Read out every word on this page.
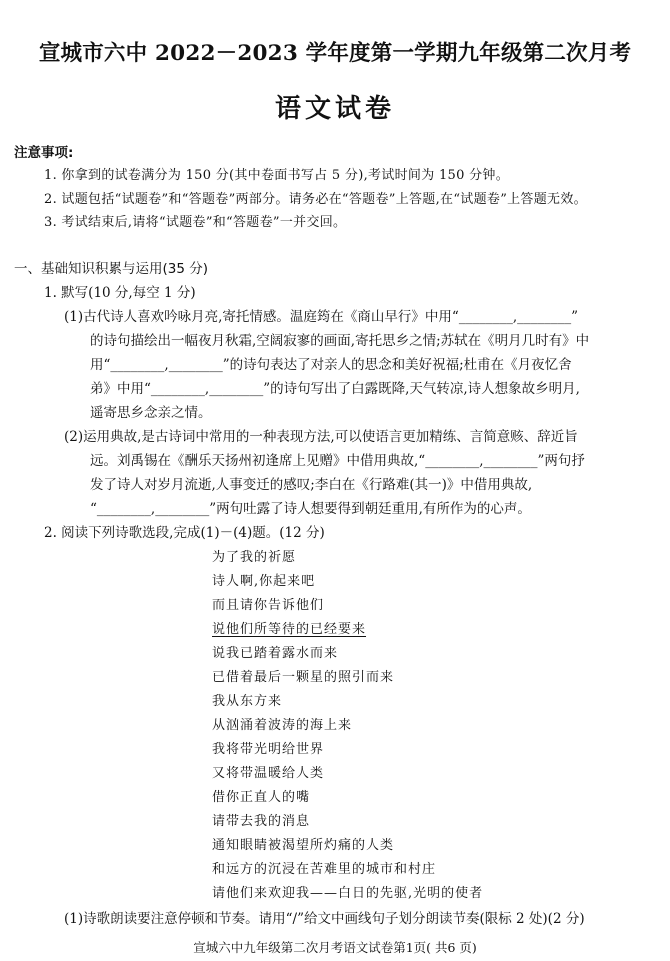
宣城市六中 2022－2023 学年度第一学期九年级第二次月考
语文试卷
注意事项:
1. 你拿到的试卷满分为 150 分(其中卷面书写占 5 分),考试时间为 150 分钟。
2. 试题包括“试题卷”和“答题卷”两部分。请务必在“答题卷”上答题,在“试题卷”上答题无效。
3. 考试结束后,请将“试题卷”和“答题卷”一并交回。
一、基础知识积累与运用(35 分)
1. 默写(10 分,每空 1 分)
(1)古代诗人喜欢吟咏月亮,寄托情感。温庭筠在《商山早行》中用“________,________”
的诗句描绘出一幅夜月秋霜,空阔寂寥的画面,寄托思乡之情;苏轼在《明月几时有》中
用“________,________”的诗句表达了对亲人的思念和美好祝福;杜甫在《月夜忆舍
弟》中用“________,________”的诗句写出了白露既降,天气转凉,诗人想象故乡明月,
遥寄思乡念亲之情。
(2)运用典故,是古诗词中常用的一种表现方法,可以使语言更加精练、言简意赅、辞近旨
远。刘禹锡在《酬乐天扬州初逢席上见赠》中借用典故,“________,________”两句抒
发了诗人对岁月流逝,人事变迁的感叹;李白在《行路难(其一)》中借用典故,
“________,________”两句吐露了诗人想要得到朝廷重用,有所作为的心声。
2. 阅读下列诗歌选段,完成(1)－(4)题。(12 分)
为了我的祈愿
诗人啊,你起来吧
而且请你告诉他们
说他们所等待的已经要来
说我已踏着露水而来
已借着最后一颗星的照引而来
我从东方来
从汹涌着波涛的海上来
我将带光明给世界
又将带温暖给人类
借你正直人的嘴
请带去我的消息
通知眼睛被渴望所灼痛的人类
和远方的沉浸在苦难里的城市和村庄
请他们来欢迎我——白日的先驱,光明的使者
(1)诗歌朗读要注意停顿和节奏。请用“/”给文中画线句子划分朗读节奏(限标 2 处)(2 分)
宣城六中九年级第二次月考语文试卷第1页( 共6 页)
